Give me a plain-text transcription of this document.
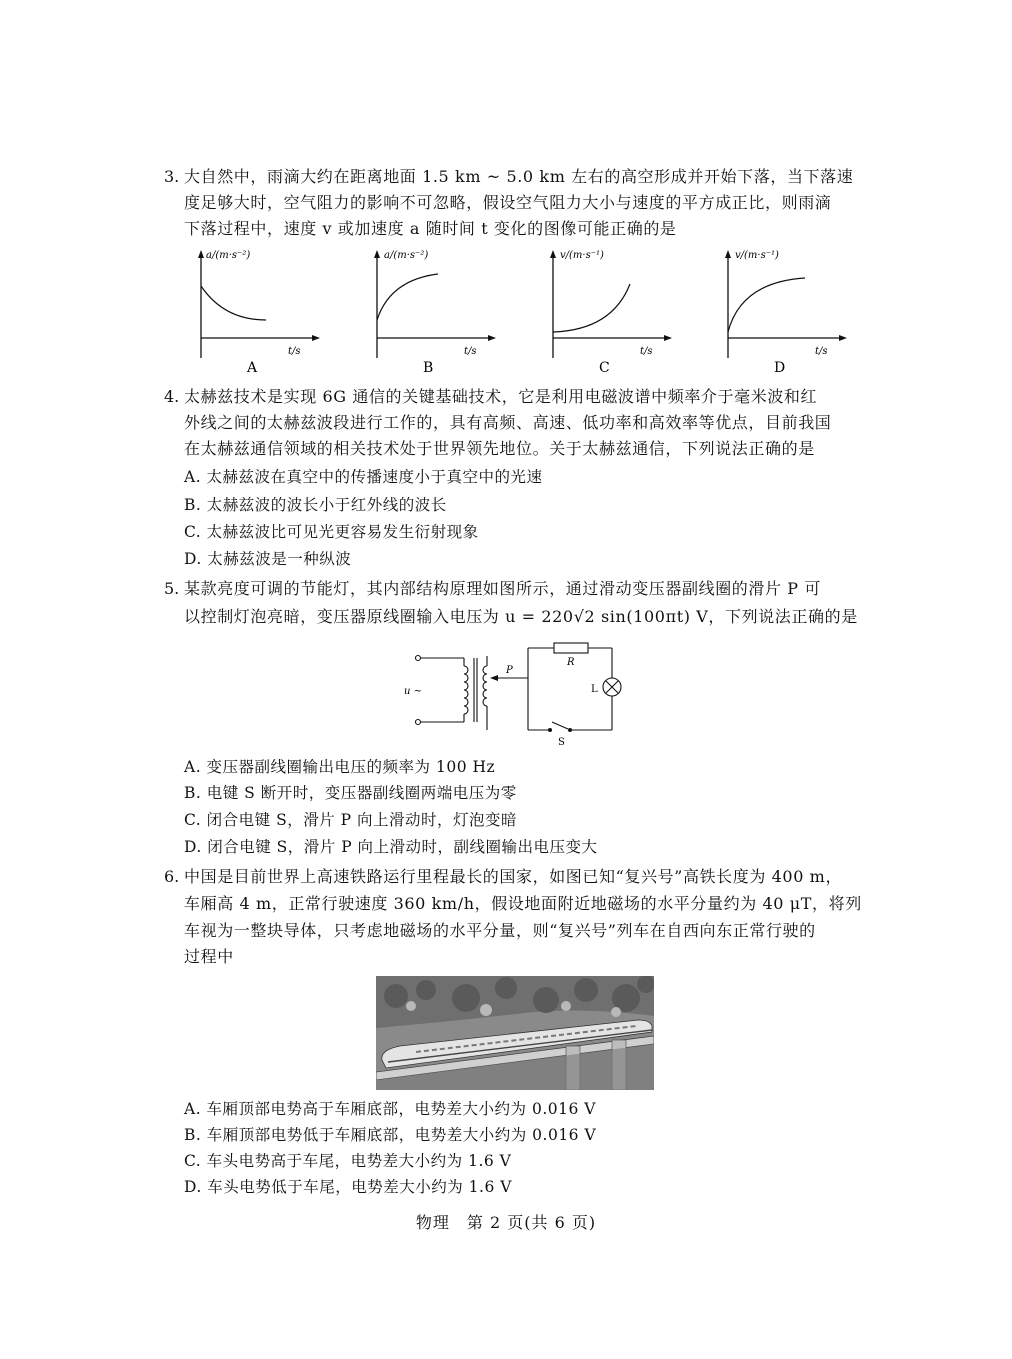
3. 大自然中，雨滴大约在距离地面 1.5 km ~ 5.0 km 左右的高空形成并开始下落，当下落速
度足够大时，空气阻力的影响不可忽略，假设空气阻力大小与速度的平方成正比，则雨滴
下落过程中，速度 v 或加速度 a 随时间 t 变化的图像可能正确的是
a/(m·s⁻²)
t/s
A
a/(m·s⁻²)
t/s
B
v/(m·s⁻¹)
t/s
C
v/(m·s⁻¹)
t/s
D
4. 太赫兹技术是实现 6G 通信的关键基础技术，它是利用电磁波谱中频率介于毫米波和红
外线之间的太赫兹波段进行工作的，具有高频、高速、低功率和高效率等优点，目前我国
在太赫兹通信领域的相关技术处于世界领先地位。关于太赫兹通信，下列说法正确的是
A. 太赫兹波在真空中的传播速度小于真空中的光速
B. 太赫兹波的波长小于红外线的波长
C. 太赫兹波比可见光更容易发生衍射现象
D. 太赫兹波是一种纵波
5. 某款亮度可调的节能灯，其内部结构原理如图所示，通过滑动变压器副线圈的滑片 P 可
以控制灯泡亮暗，变压器原线圈输入电压为 u = 220√2 sin(100πt) V，下列说法正确的是
u ~
P
R
L
S
A. 变压器副线圈输出电压的频率为 100 Hz
B. 电键 S 断开时，变压器副线圈两端电压为零
C. 闭合电键 S，滑片 P 向上滑动时，灯泡变暗
D. 闭合电键 S，滑片 P 向上滑动时，副线圈输出电压变大
6. 中国是目前世界上高速铁路运行里程最长的国家，如图已知“复兴号”高铁长度为 400 m，
车厢高 4 m，正常行驶速度 360 km/h，假设地面附近地磁场的水平分量约为 40 μT，将列
车视为一整块导体，只考虑地磁场的水平分量，则“复兴号”列车在自西向东正常行驶的
过程中
A. 车厢顶部电势高于车厢底部，电势差大小约为 0.016 V
B. 车厢顶部电势低于车厢底部，电势差大小约为 0.016 V
C. 车头电势高于车尾，电势差大小约为 1.6 V
D. 车头电势低于车尾，电势差大小约为 1.6 V
物理　第 2 页(共 6 页)
